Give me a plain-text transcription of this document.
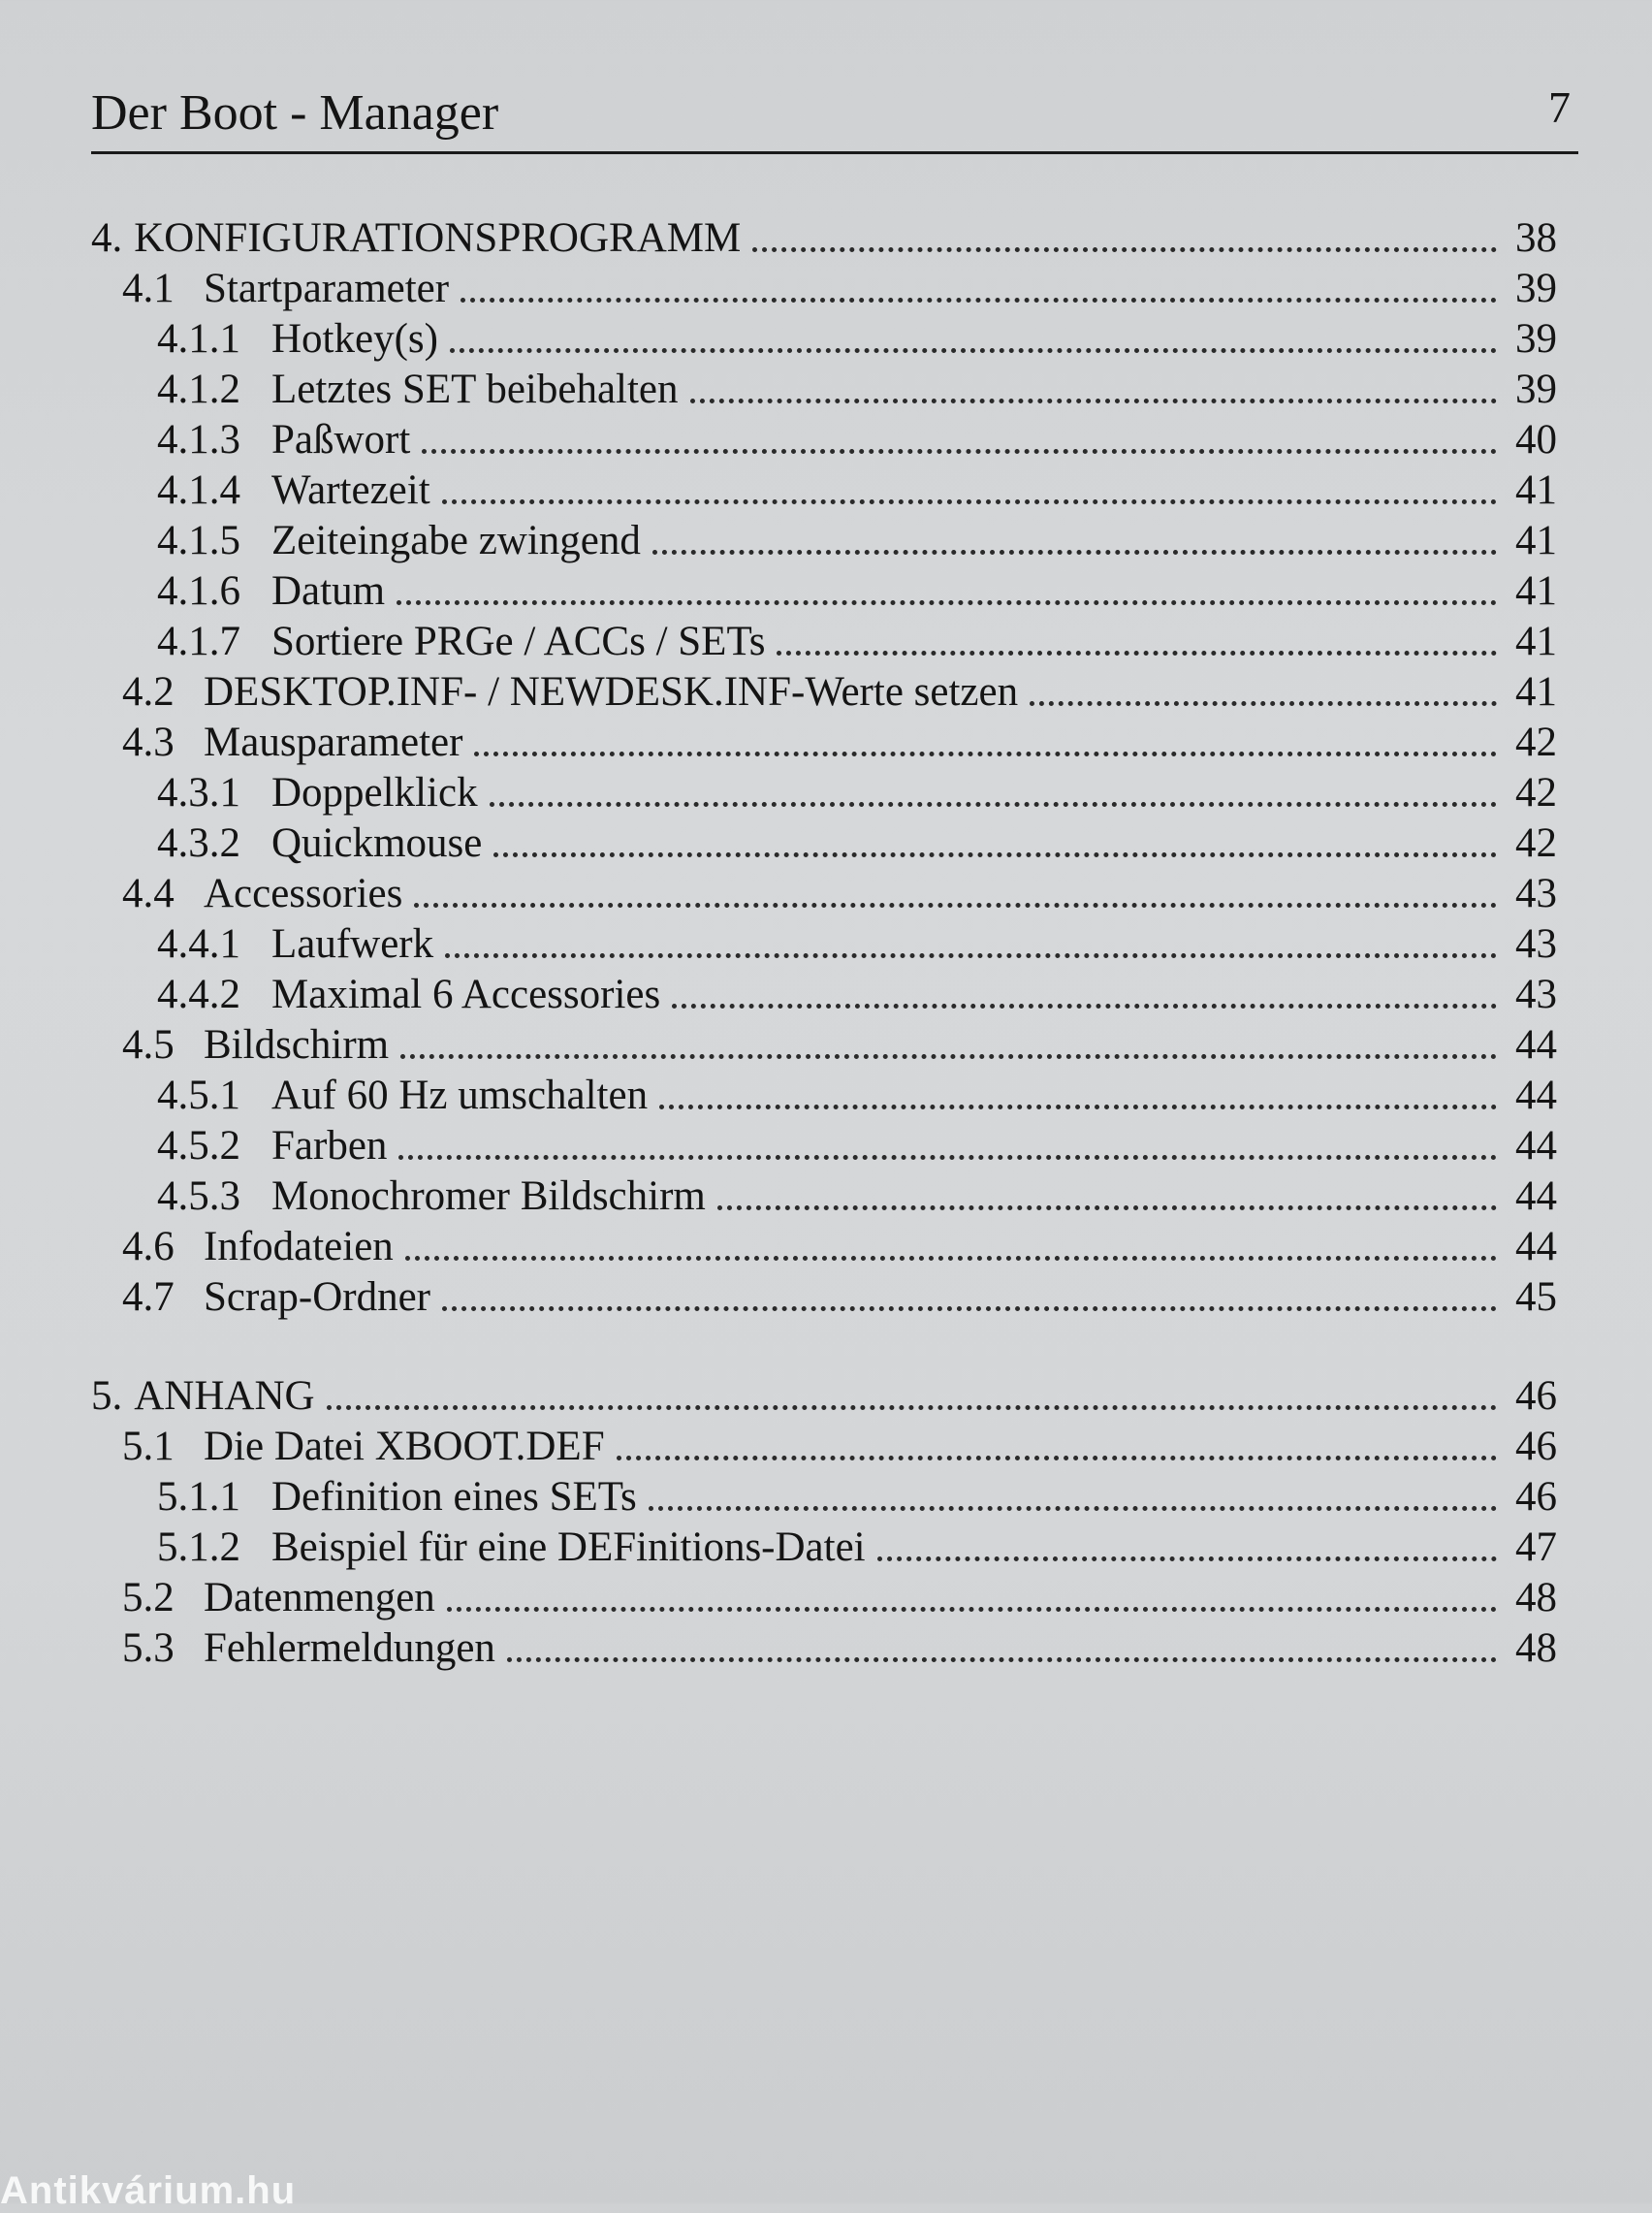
Der Boot - Manager	7
4. KONFIGURATIONSPROGRAMM	38
4.1 Startparameter	39
4.1.1 Hotkey(s)	39
4.1.2 Letztes SET beibehalten	39
4.1.3 Paßwort	40
4.1.4 Wartezeit	41
4.1.5 Zeiteingabe zwingend	41
4.1.6 Datum	41
4.1.7 Sortiere PRGe / ACCs / SETs	41
4.2 DESKTOP.INF- / NEWDESK.INF-Werte setzen	41
4.3 Mausparameter	42
4.3.1 Doppelklick	42
4.3.2 Quickmouse	42
4.4 Accessories	43
4.4.1 Laufwerk	43
4.4.2 Maximal 6 Accessories	43
4.5 Bildschirm	44
4.5.1 Auf 60 Hz umschalten	44
4.5.2 Farben	44
4.5.3 Monochromer Bildschirm	44
4.6 Infodateien	44
4.7 Scrap-Ordner	45
5. ANHANG	46
5.1 Die Datei XBOOT.DEF	46
5.1.1 Definition eines SETs	46
5.1.2 Beispiel für eine DEFinitions-Datei	47
5.2 Datenmengen	48
5.3 Fehlermeldungen	48
Antikvárium.hu
